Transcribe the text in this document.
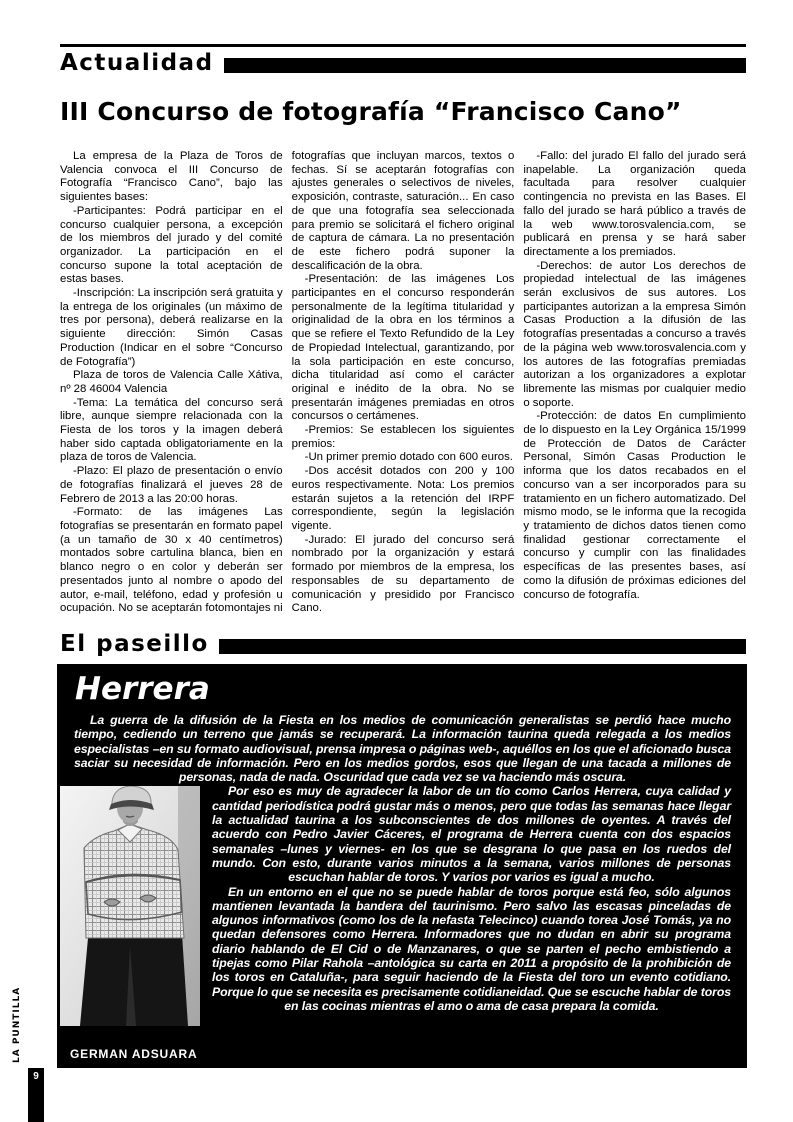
Actualidad
III Concurso de fotografía “Francisco Cano”

La empresa de la Plaza de Toros de Valencia convoca el III Concurso de Fotografía “Francisco Cano”, bajo las siguientes bases:

-Participantes: Podrá participar en el concurso cualquier persona, a excepción de los miembros del jurado y del comité organizador. La participación en el concurso supone la total aceptación de estas bases.

-Inscripción: La inscripción será gratuita y la entrega de los originales (un máximo de tres por persona), deberá realizarse en la siguiente dirección: Simón Casas Production (Indicar en el sobre “Concurso de Fotografía”)

Plaza de toros de Valencia Calle Xátiva, nº 28 46004 Valencia

-Tema: La temática del concurso será libre, aunque siempre relacionada con la Fiesta de los toros y la imagen deberá haber sido captada obligatoriamente en la plaza de toros de Valencia.

-Plazo: El plazo de presentación o envío de fotografías finalizará el jueves 28 de Febrero de 2013 a las 20:00 horas.

-Formato: de las imágenes Las fotografías se presentarán en formato papel (a un tamaño de 30 x 40 centímetros) montados sobre cartulina blanca, bien en blanco negro o en color y deberán ser presentados junto al nombre o apodo del autor, e-mail, teléfono, edad y profesión u ocupación. No se aceptarán fotomontajes ni fotografías que incluyan marcos, textos o fechas. Sí se aceptarán fotografías con ajustes generales o selectivos de niveles, exposición, contraste, saturación... En caso de que una fotografía sea seleccionada para premio se solicitará el fichero original de captura de cámara. La no presentación de este fichero podrá suponer la descalificación de la obra.

-Presentación: de las imágenes Los participantes en el concurso responderán personalmente de la legítima titularidad y originalidad de la obra en los términos a que se refiere el Texto Refundido de la Ley de Propiedad Intelectual, garantizando, por la sola participación en este concurso, dicha titularidad así como el carácter original e inédito de la obra. No se presentarán imágenes premiadas en otros concursos o certámenes.

-Premios: Se establecen los siguientes premios:

-Un primer premio dotado con 600 euros.

-Dos accésit dotados con 200 y 100 euros respectivamente. Nota: Los premios estarán sujetos a la retención del IRPF correspondiente, según la legislación vigente.

-Jurado: El jurado del concurso será nombrado por la organización y estará formado por miembros de la empresa, los responsables de su departamento de comunicación y presidido por Francisco Cano.

-Fallo: del jurado El fallo del jurado será inapelable. La organización queda facultada para resolver cualquier contingencia no prevista en las Bases. El fallo del jurado se hará público a través de la web www.torosvalencia.com, se publicará en prensa y se hará saber directamente a los premiados.

-Derechos: de autor Los derechos de propiedad intelectual de las imágenes serán exclusivos de sus autores. Los participantes autorizan a la empresa Simón Casas Production a la difusión de las fotografías presentadas a concurso a través de la página web www.torosvalencia.com y los autores de las fotografías premiadas autorizan a los organizadores a explotar libremente las mismas por cualquier medio o soporte.

-Protección: de datos En cumplimiento de lo dispuesto en la Ley Orgánica 15/1999 de Protección de Datos de Carácter Personal, Simón Casas Production le informa que los datos recabados en el concurso van a ser incorporados para su tratamiento en un fichero automatizado. Del mismo modo, se le informa que la recogida y tratamiento de dichos datos tienen como finalidad gestionar correctamente el concurso y cumplir con las finalidades específicas de las presentes bases, así como la difusión de próximas ediciones del concurso de fotografía.

El paseillo
Herrera

La guerra de la difusión de la Fiesta en los medios de comunicación generalistas se perdió hace mucho tiempo, cediendo un terreno que jamás se recuperará. La información taurina queda relegada a los medios especialistas –en su formato audiovisual, prensa impresa o páginas web-, aquéllos en los que el aficionado busca saciar su necesidad de información. Pero en los medios gordos, esos que llegan de una tacada a millones de personas, nada de nada. Oscuridad que cada vez se va haciendo más oscura.

Por eso es muy de agradecer la labor de un tío como Carlos Herrera, cuya calidad y cantidad periodística podrá gustar más o menos, pero que todas las semanas hace llegar la actualidad taurina a los subconscientes de dos millones de oyentes. A través del acuerdo con Pedro Javier Cáceres, el programa de Herrera cuenta con dos espacios semanales –lunes y viernes- en los que se desgrana lo que pasa en los ruedos del mundo. Con esto, durante varios minutos a la semana, varios millones de personas escuchan hablar de toros. Y varios por varios es igual a mucho.

En un entorno en el que no se puede hablar de toros porque está feo, sólo algunos mantienen levantada la bandera del taurinismo. Pero salvo las escasas pinceladas de algunos informativos (como los de la nefasta Telecinco) cuando torea José Tomás, ya no quedan defensores como Herrera. Informadores que no dudan en abrir su programa diario hablando de El Cid o de Manzanares, o que se parten el pecho embistiendo a tipejas como Pilar Rahola –antológica su carta en 2011 a propósito de la prohibición de los toros en Cataluña-, para seguir haciendo de la Fiesta del toro un evento cotidiano. Porque lo que se necesita es precisamente cotidianeidad. Que se escuche hablar de toros en las cocinas mientras el amo o ama de casa prepara la comida.

GERMAN ADSUARA
LA PUNTILLA
9
